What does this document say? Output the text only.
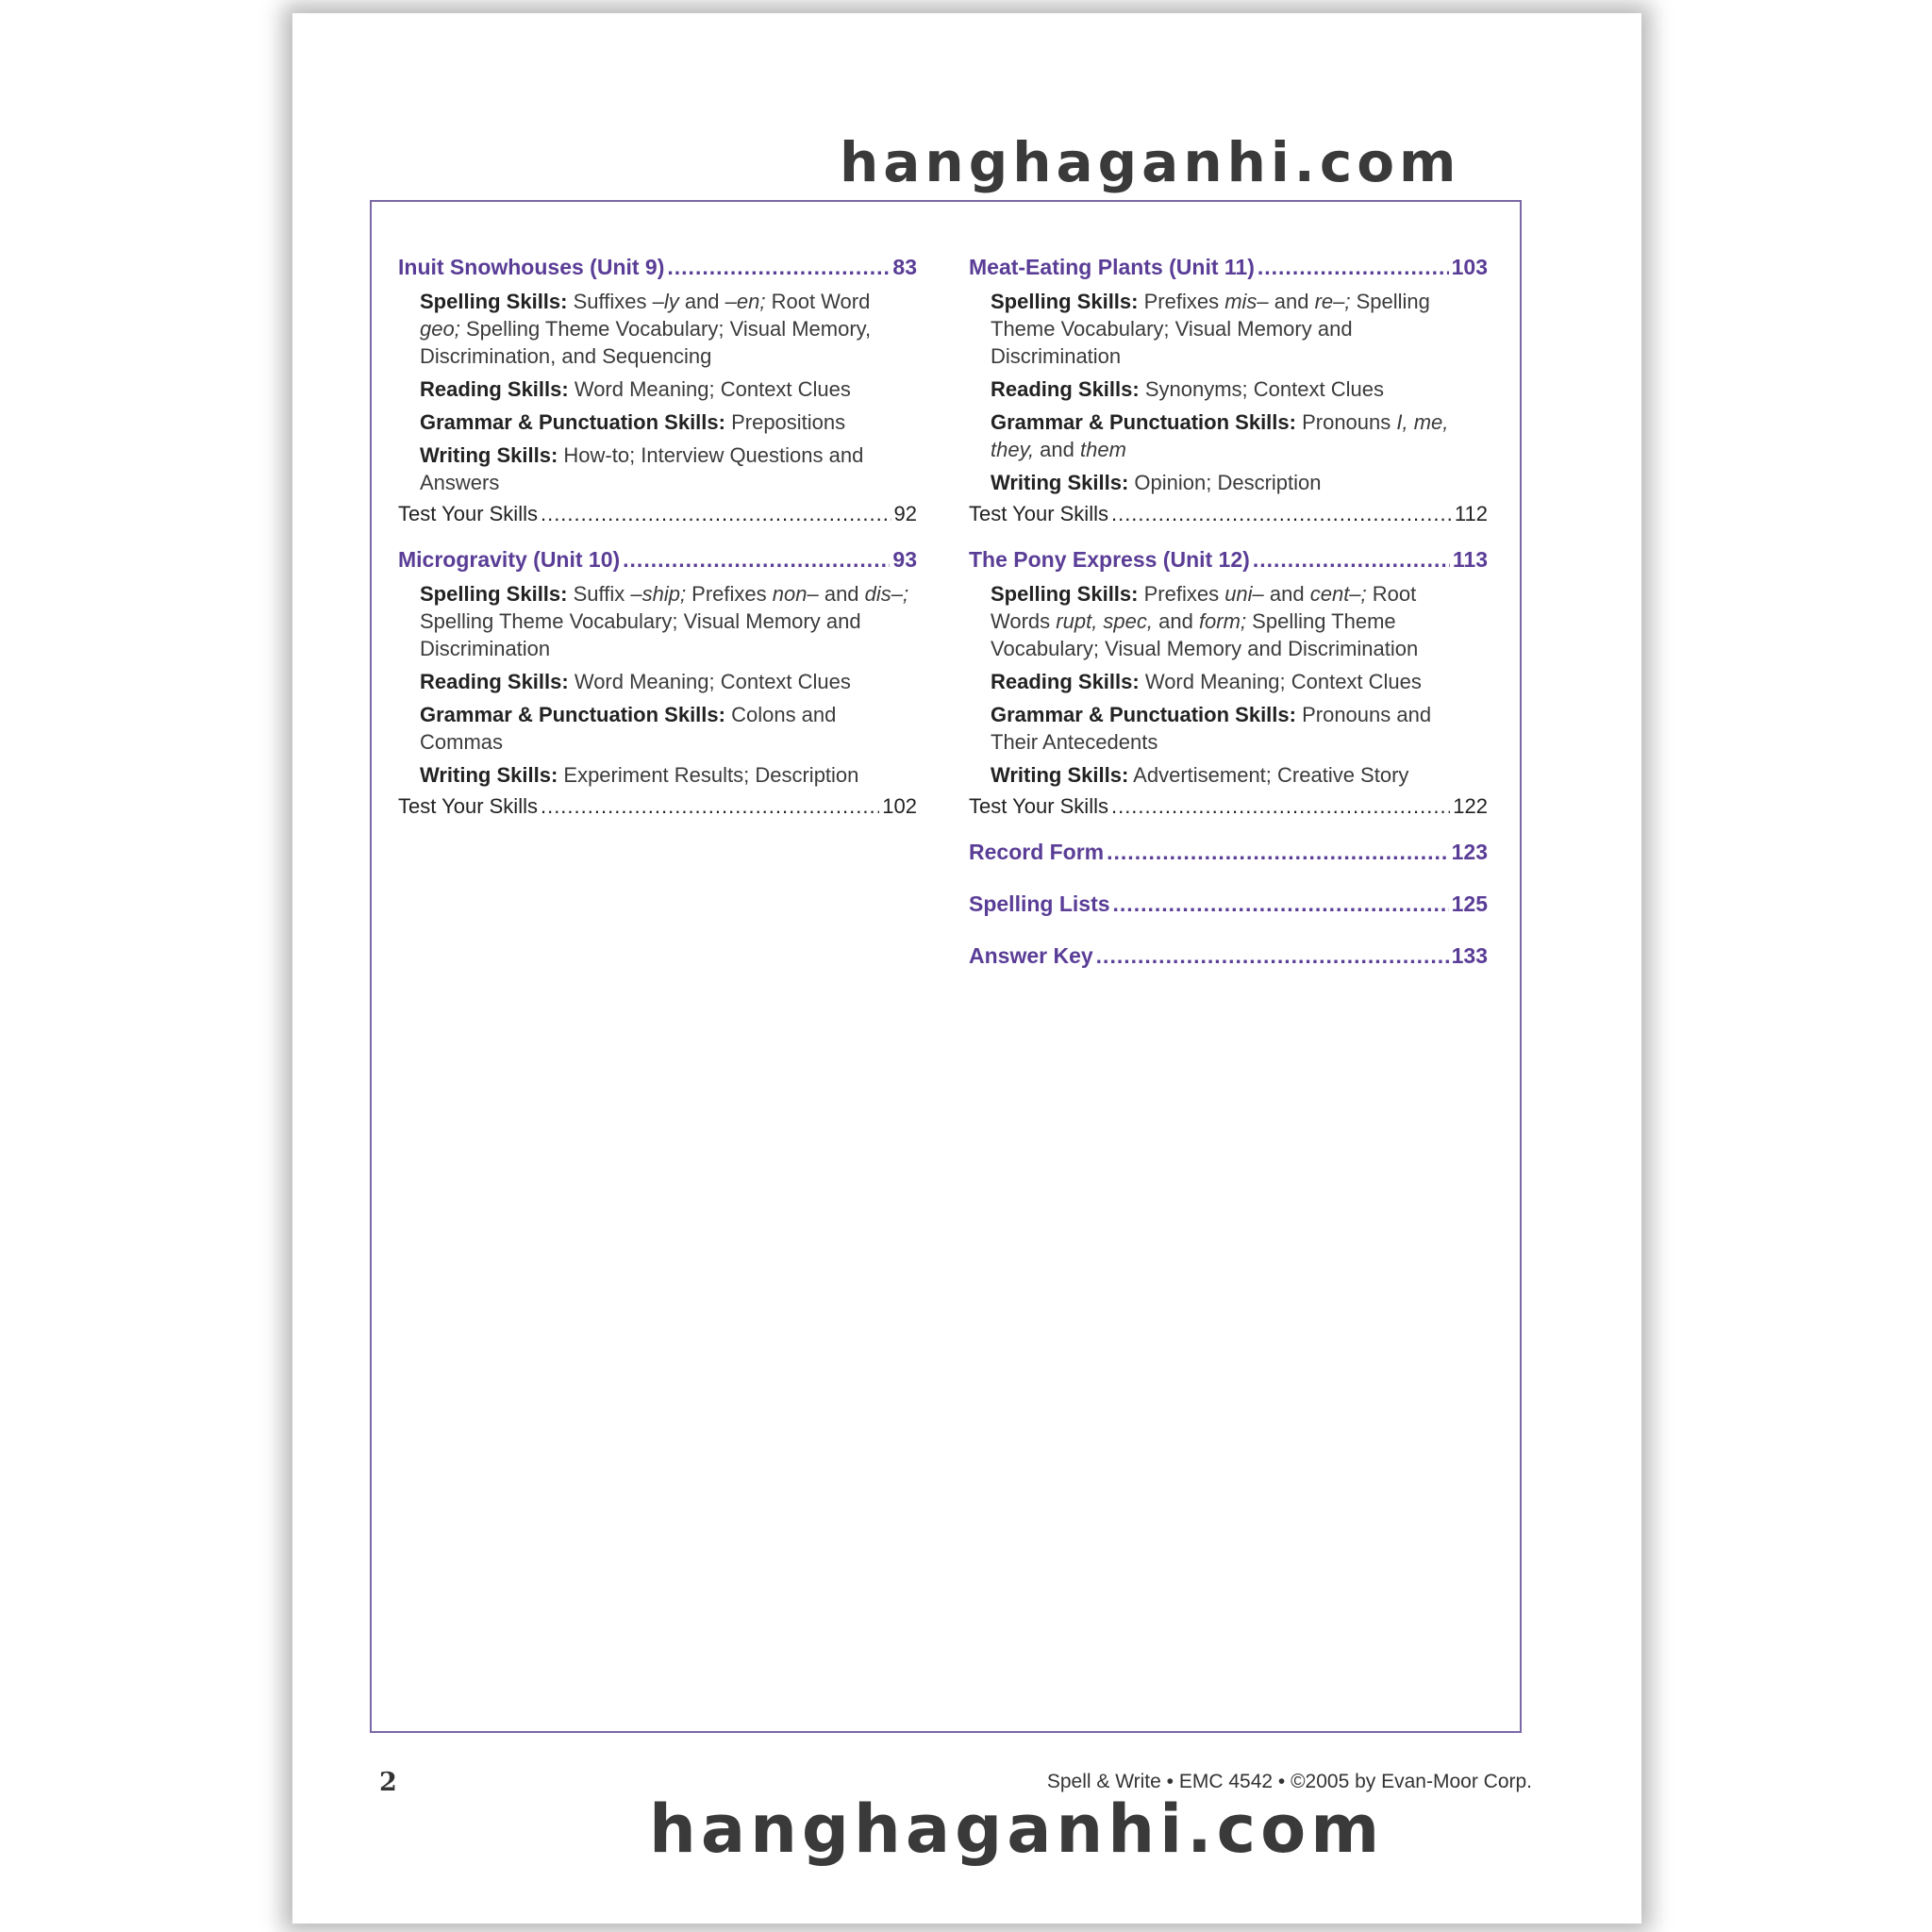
hanghaganhi.com
Inuit Snowhouses (Unit 9) .....	83
Spelling Skills: Suffixes –ly and –en; Root Word geo; Spelling Theme Vocabulary; Visual Memory, Discrimination, and Sequencing
Reading Skills: Word Meaning; Context Clues
Grammar & Punctuation Skills: Prepositions
Writing Skills: How-to; Interview Questions and Answers
Test Your Skills .....	92
Microgravity (Unit 10) .....	93
Spelling Skills: Suffix –ship; Prefixes non– and dis–; Spelling Theme Vocabulary; Visual Memory and Discrimination
Reading Skills: Word Meaning; Context Clues
Grammar & Punctuation Skills: Colons and Commas
Writing Skills: Experiment Results; Description
Test Your Skills .....	102
Meat-Eating Plants (Unit 11) .....	103
Spelling Skills: Prefixes mis– and re–; Spelling Theme Vocabulary; Visual Memory and Discrimination
Reading Skills: Synonyms; Context Clues
Grammar & Punctuation Skills: Pronouns I, me, they, and them
Writing Skills: Opinion; Description
Test Your Skills .....	112
The Pony Express (Unit 12) .....	113
Spelling Skills: Prefixes uni– and cent–; Root Words rupt, spec, and form; Spelling Theme Vocabulary; Visual Memory and Discrimination
Reading Skills: Word Meaning; Context Clues
Grammar & Punctuation Skills: Pronouns and Their Antecedents
Writing Skills: Advertisement; Creative Story
Test Your Skills .....	122
Record Form .....	123
Spelling Lists .....	125
Answer Key .....	133
2	Spell & Write • EMC 4542 • ©2005 by Evan-Moor Corp.
hanghaganhi.com
